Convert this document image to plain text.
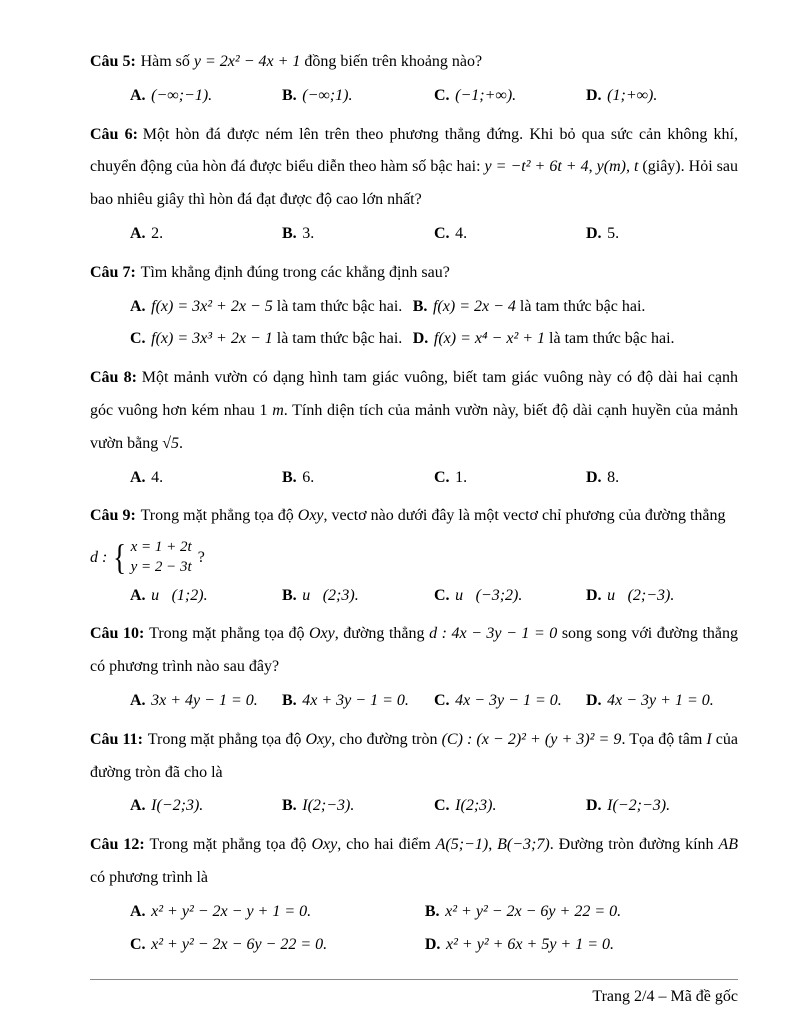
Câu 5: Hàm số y = 2x² − 4x + 1 đồng biến trên khoảng nào?

A. (−∞;−1).	B. (−∞;1).	C. (−1;+∞).	D. (1;+∞).

Câu 6: Một hòn đá được ném lên trên theo phương thẳng đứng. Khi bỏ qua sức cản không khí, chuyển động của hòn đá được biểu diễn theo hàm số bậc hai: y = −t² + 6t + 4, y(m), t (giây). Hỏi sau bao nhiêu giây thì hòn đá đạt được độ cao lớn nhất?

A. 2.	B. 3.	C. 4.	D. 5.

Câu 7: Tìm khẳng định đúng trong các khẳng định sau?

A. f(x) = 3x² + 2x − 5 là tam thức bậc hai. B. f(x) = 2x − 4 là tam thức bậc hai.
C. f(x) = 3x³ + 2x − 1 là tam thức bậc hai. D. f(x) = x⁴ − x² + 1 là tam thức bậc hai.

Câu 8: Một mảnh vườn có dạng hình tam giác vuông, biết tam giác vuông này có độ dài hai cạnh góc vuông hơn kém nhau 1 m. Tính diện tích của mảnh vườn này, biết độ dài cạnh huyền của mảnh vườn bằng √5.

A. 4.	B. 6.	C. 1.	D. 8.

Câu 9: Trong mặt phẳng tọa độ Oxy, vectơ nào dưới đây là một vectơ chỉ phương của đường thẳng
d : { x = 1 + 2t
y = 2 − 3t
?

A. u⃗(1;2).	B. u⃗(2;3).	C. u⃗(−3;2).	D. u⃗(2;−3).

Câu 10: Trong mặt phẳng tọa độ Oxy, đường thẳng d : 4x − 3y − 1 = 0 song song với đường thẳng có phương trình nào sau đây?

A. 3x + 4y − 1 = 0.	B. 4x + 3y − 1 = 0.	C. 4x − 3y − 1 = 0.	D. 4x − 3y + 1 = 0.

Câu 11: Trong mặt phẳng tọa độ Oxy, cho đường tròn (C) : (x − 2)² + (y + 3)² = 9. Tọa độ tâm I của đường tròn đã cho là

A. I(−2;3).	B. I(2;−3).	C. I(2;3).	D. I(−2;−3).

Câu 12: Trong mặt phẳng tọa độ Oxy, cho hai điểm A(5;−1), B(−3;7). Đường tròn đường kính AB có phương trình là

A. x² + y² − 2x − y + 1 = 0.	B. x² + y² − 2x − 6y + 22 = 0.
C. x² + y² − 2x − 6y − 22 = 0.	D. x² + y² + 6x + 5y + 1 = 0.
Trang 2/4 – Mã đề gốc
